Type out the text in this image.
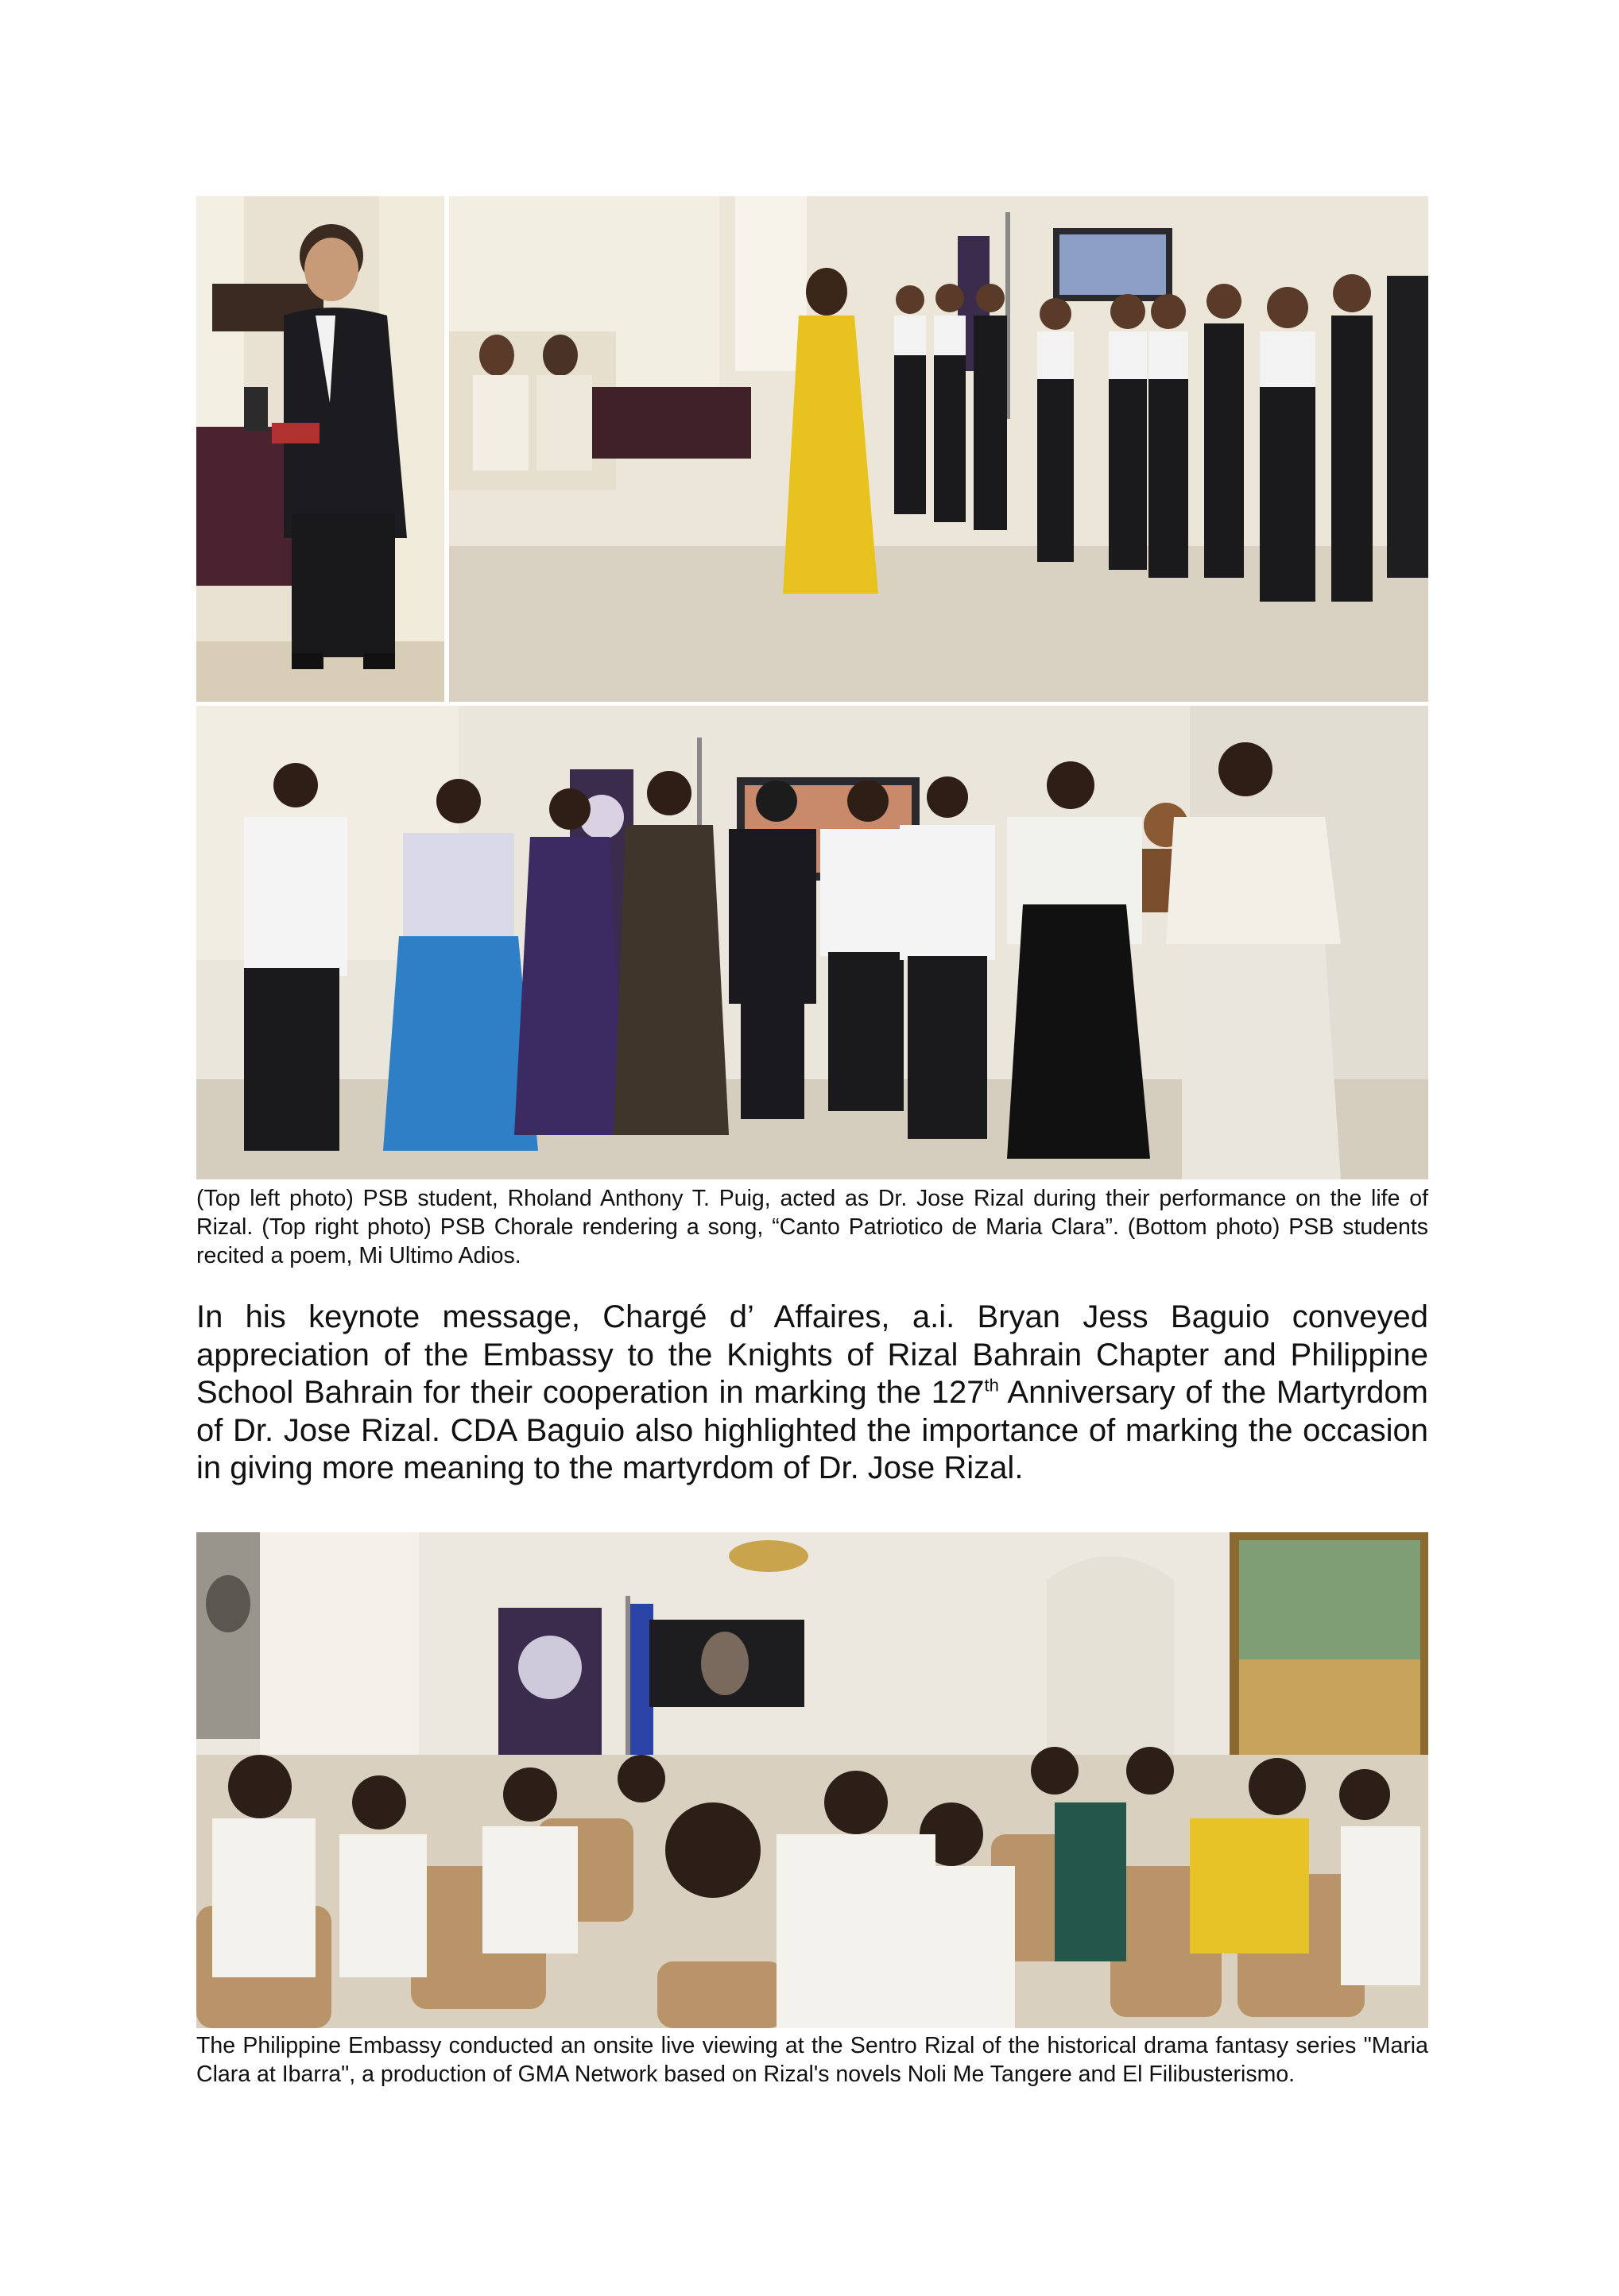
(Top left photo) PSB student, Rholand Anthony T. Puig, acted as Dr. Jose Rizal during their performance on the life of Rizal. (Top right photo) PSB Chorale rendering a song, “Canto Patriotico de Maria Clara”. (Bottom photo) PSB students recited a poem, Mi Ultimo Adios.

In his keynote message, Chargé d’ Affaires, a.i. Bryan Jess Baguio conveyed appreciation of the Embassy to the Knights of Rizal Bahrain Chapter and Philippine School Bahrain for their cooperation in marking the 127th Anniversary of the Martyrdom of Dr. Jose Rizal. CDA Baguio also highlighted the importance of marking the occasion in giving more meaning to the martyrdom of Dr. Jose Rizal.

The Philippine Embassy conducted an onsite live viewing at the Sentro Rizal of the historical drama fantasy series "Maria Clara at Ibarra", a production of GMA Network based on Rizal's novels Noli Me Tangere and El Filibusterismo.
